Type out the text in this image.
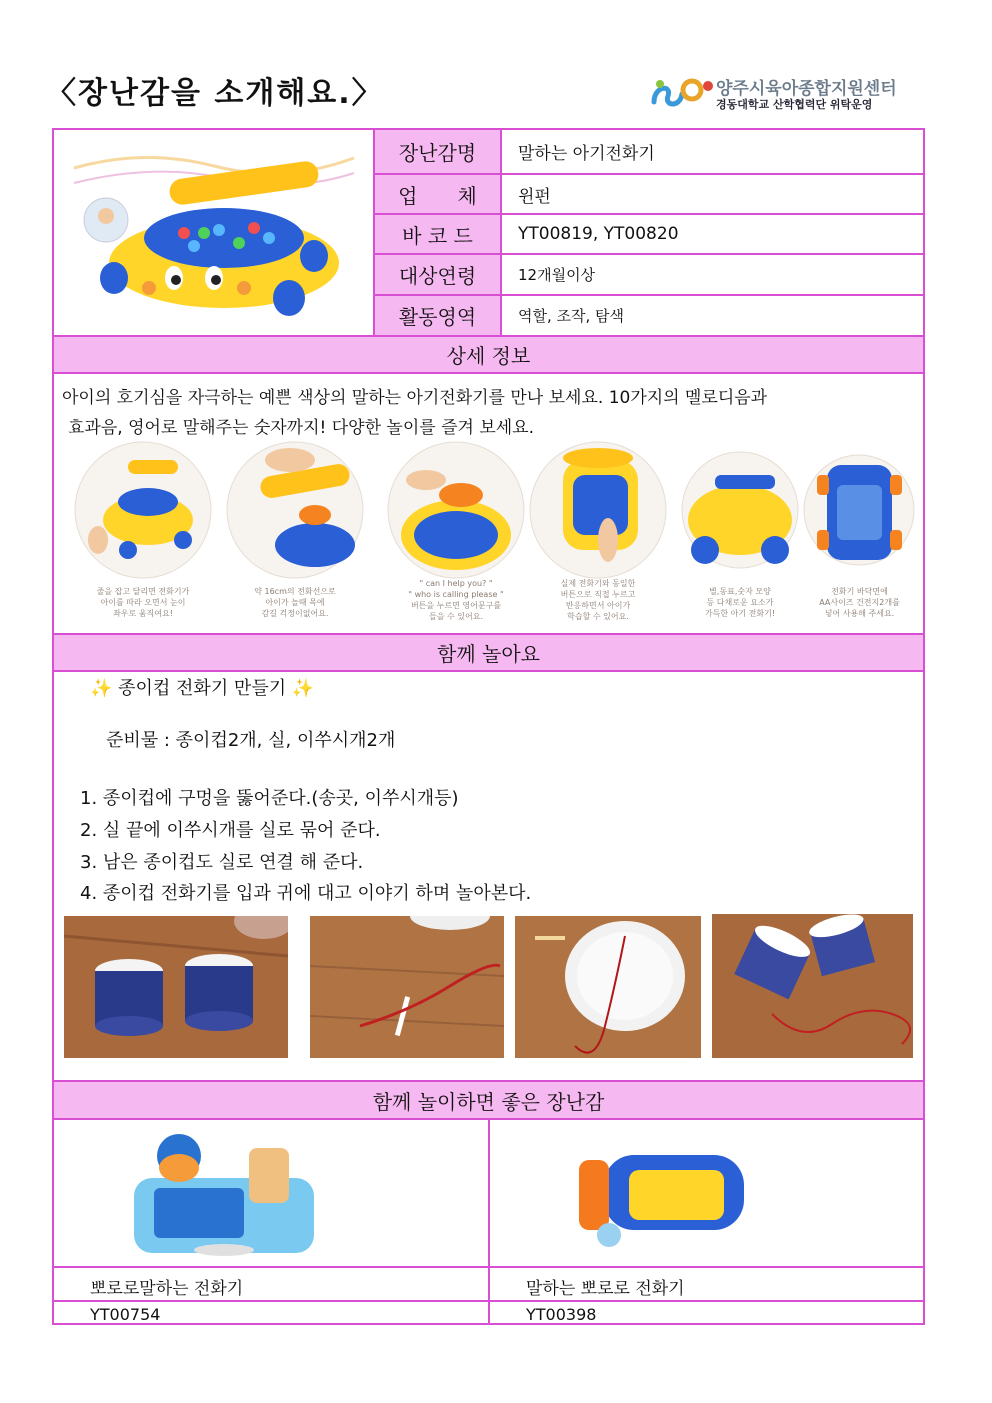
〈장난감을 소개해요.〉	양주시육아종합지원센터
경동대학교 산학협력단 위탁운영
장난감명	말하는 아기전화기
업　　체	윈펀
바 코 드	YT00819, YT00820
대상연령	12개월이상
활동영역	역할, 조작, 탐색
상세 정보
아이의 호기심을 자극하는 예쁜 색상의 말하는 아기전화기를 만나 보세요. 10가지의 멜로디음과
효과음, 영어로 말해주는 숫자까지! 다양한 놀이를 즐겨 보세요.
줄을 잡고 달리면 전화기가
아이를 따라 오면서 눈이
좌우로 움직여요!
약 16cm의 전화선으로
아이가 놀때 목에
감길 걱정이없어요.
" can I help you? "
" who is calling please "
버튼을 누르면 영어문구를
들을 수 있어요.
실제 전화기와 동일한
버튼으로 직접 누르고
반응하면서 아이가
학습할 수 있어요.
별,동표,숫자 모양
등 다채로운 요소가
가득한 아기 전화기!
전화기 바닥면에
AA사이즈 건전지2개를
넣어 사용해 주세요.
함께 놀아요
✨ 종이컵 전화기 만들기 ✨
준비물 : 종이컵2개, 실, 이쑤시개2개
1. 종이컵에 구멍을 뚫어준다.(송곳, 이쑤시개등)
2. 실 끝에 이쑤시개를 실로 묶어 준다.
3. 남은 종이컵도 실로 연결 해 준다.
4. 종이컵 전화기를 입과 귀에 대고 이야기 하며 놀아본다.
함께 놀이하면 좋은 장난감
뽀로로말하는 전화기	말하는 뽀로로 전화기
YT00754	YT00398
